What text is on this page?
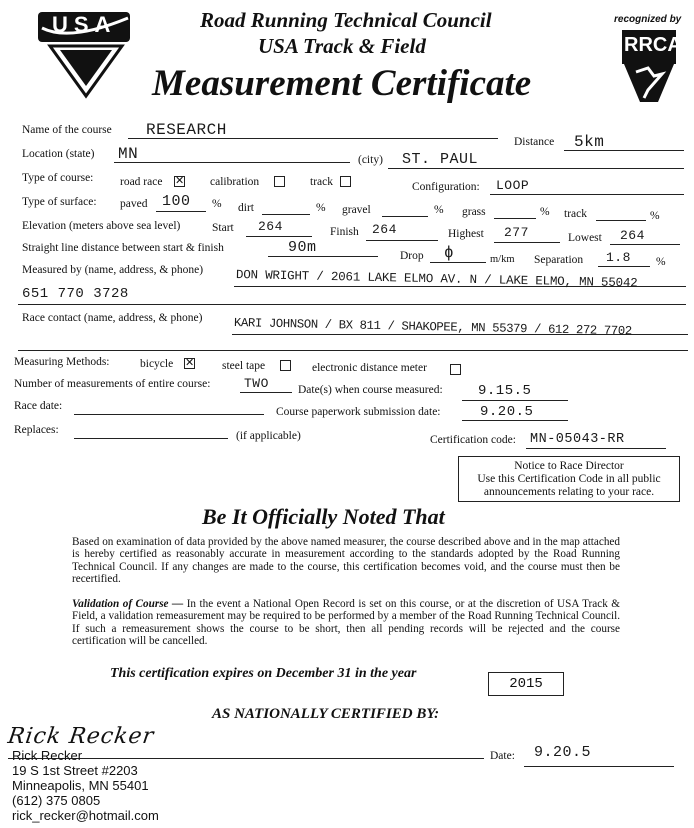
USA	Road Running Technical Council
USA Track & Field
Measurement Certificate
recognized by
RRCA
Name of the course RESEARCH
Distance 5km
Location (state) MN	(city) ST. PAUL
Type of course: road race ✕	calibration	track	Configuration: LOOP
Type of surface: paved 100 % dirt	% gravel	% grass	% track	%
Elevation (meters above sea level)	Start 264	Finish 264	Highest 277	Lowest 264
Straight line distance between start & finish	90m	Drop ϕ	m/km Separation 1.8 %
Measured by (name, address, & phone)	DON WRIGHT / 2061 LAKE ELMO AV. N / LAKE ELMO, MN 55042
651 770 3728
Race contact (name, address, & phone)	KARI JOHNSON / BX 811 / SHAKOPEE, MN 55379 / 612 272 7702
Measuring Methods:	bicycle ✕	steel tape	electronic distance meter
Number of measurements of entire course:	TWO	Date(s) when course measured:	9.15.5
Race date:	Course paperwork submission date:	9.20.5
Replaces:	(if applicable)	Certification code: MN-05043-RR
Notice to Race Director
Use this Certification Code in all public
announcements relating to your race.
Be It Officially Noted That
Based on examination of data provided by the above named measurer, the course described above and in the map attached is hereby certified as reasonably accurate in measurement according to the standards adopted by the Road Running Technical Council. If any changes are made to the course, this certification becomes void, and the course must then be recertified.
Validation of Course — In the event a National Open Record is set on this course, or at the discretion of USA Track & Field, a validation remeasurement may be required to be performed by a member of the Road Running Technical Council. If such a remeasurement shows the course to be short, then all pending records will be rejected and the course certification will be cancelled.
This certification expires on December 31 in the year
2015
AS NATIONALLY CERTIFIED BY:
Rick Recker
Rick Recker
19 S 1st Street #2203
Minneapolis, MN 55401
(612) 375 0805
rick_recker@hotmail.com
Date: 9.20.5
